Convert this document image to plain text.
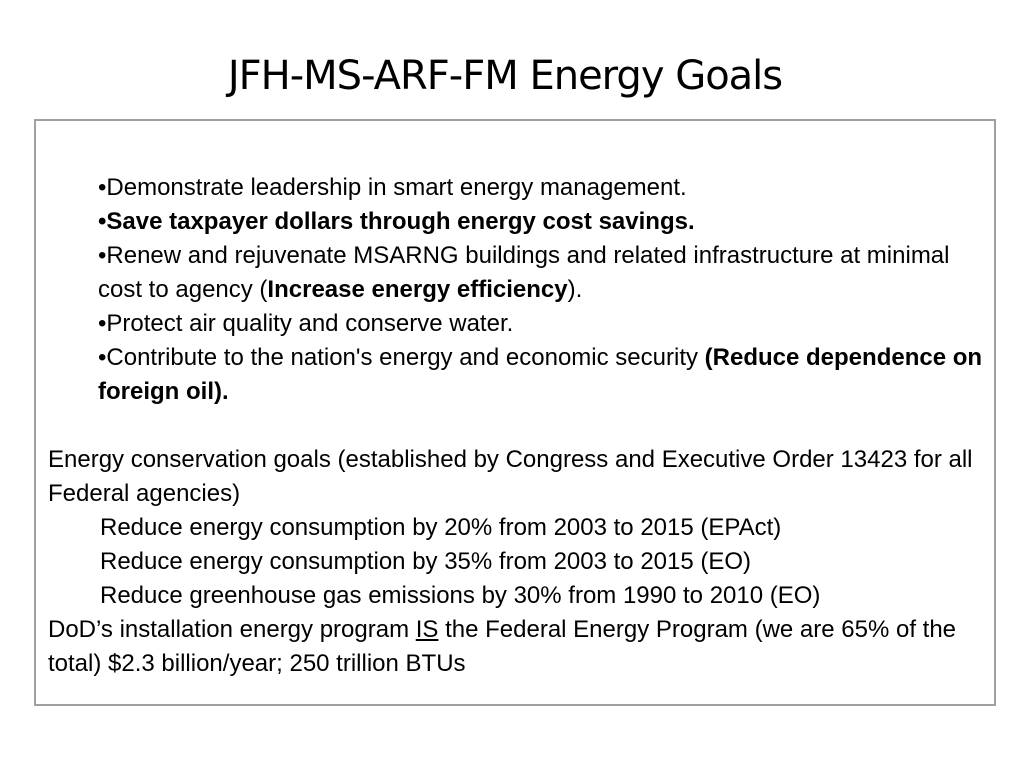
JFH-MS-ARF-FM Energy Goals

•Demonstrate leadership in smart energy management.

•Save taxpayer dollars through energy cost savings.

•Renew and rejuvenate MSARNG buildings and related infrastructure at minimal cost to agency (Increase energy efficiency).

•Protect air quality and conserve water.

•Contribute to the nation's energy and economic security (Reduce dependence on foreign oil).

Energy conservation goals (established by Congress and Executive Order 13423 for all Federal agencies)

Reduce energy consumption by 20% from 2003 to 2015 (EPAct)

Reduce energy consumption by 35% from 2003 to 2015 (EO)

Reduce greenhouse gas emissions by 30% from 1990 to 2010 (EO)

DoD’s installation energy program IS the Federal Energy Program (we are 65% of the total) $2.3 billion/year; 250 trillion BTUs
